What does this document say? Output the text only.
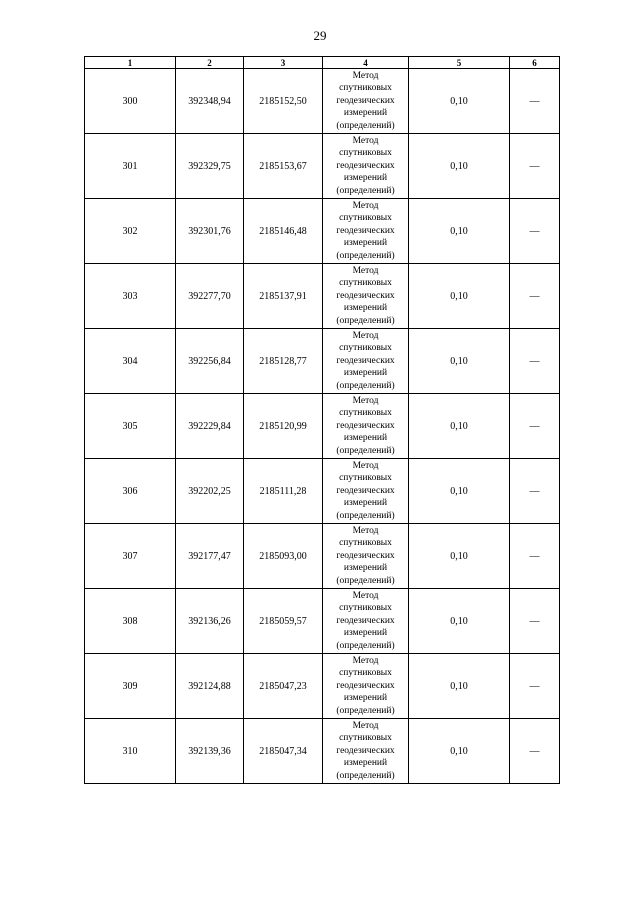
29
1	2	3	4	5	6
300	392348,94	2185152,50	Метод
спутниковых
геодезических
измерений
(определений)	0,10	—
301	392329,75	2185153,67	Метод
спутниковых
геодезических
измерений
(определений)	0,10	—
302	392301,76	2185146,48	Метод
спутниковых
геодезических
измерений
(определений)	0,10	—
303	392277,70	2185137,91	Метод
спутниковых
геодезических
измерений
(определений)	0,10	—
304	392256,84	2185128,77	Метод
спутниковых
геодезических
измерений
(определений)	0,10	—
305	392229,84	2185120,99	Метод
спутниковых
геодезических
измерений
(определений)	0,10	—
306	392202,25	2185111,28	Метод
спутниковых
геодезических
измерений
(определений)	0,10	—
307	392177,47	2185093,00	Метод
спутниковых
геодезических
измерений
(определений)	0,10	—
308	392136,26	2185059,57	Метод
спутниковых
геодезических
измерений
(определений)	0,10	—
309	392124,88	2185047,23	Метод
спутниковых
геодезических
измерений
(определений)	0,10	—
310	392139,36	2185047,34	Метод
спутниковых
геодезических
измерений
(определений)	0,10	—
